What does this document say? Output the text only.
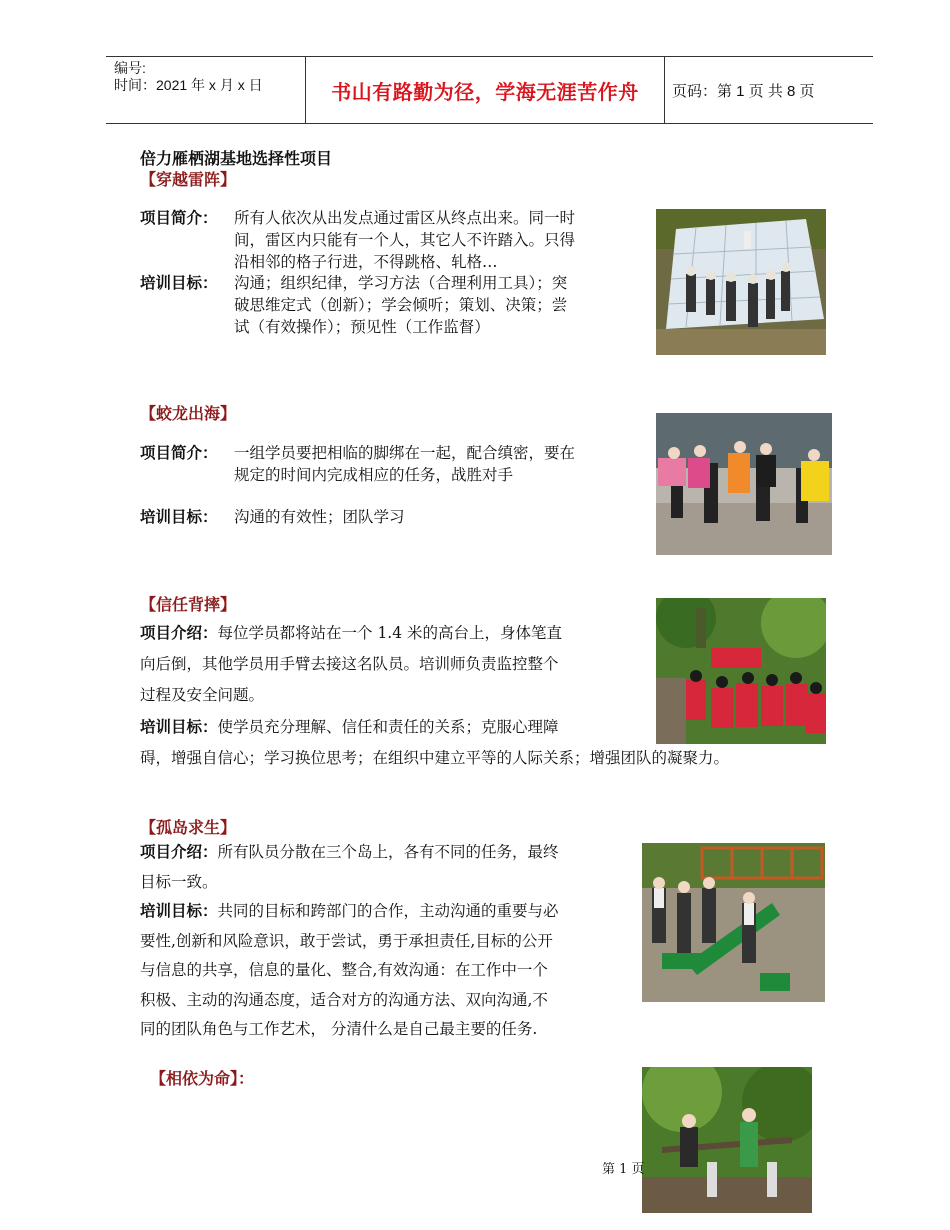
编号:
时间：2021 年 x 月 x 日	书山有路勤为径，学海无涯苦作舟 页码：第 1 页 共 8 页
倍力雁栖湖基地选择性项目
【穿越雷阵】
项目简介：	所有人依次从出发点通过雷区从终点出来。同一时
间，雷区内只能有一个人，其它人不许踏入。只得
沿相邻的格子行进，不得跳格、轧格…
培训目标：	沟通；组织纪律，学习方法（合理利用工具）；突
破思维定式（创新）；学会倾听；策划、决策；尝
试（有效操作）；预见性（工作监督）
【蛟龙出海】
项目简介：	一组学员要把相临的脚绑在一起，配合缜密，要在
规定的时间内完成相应的任务，战胜对手
培训目标：	沟通的有效性；团队学习
【信任背摔】
项目介绍：每位学员都将站在一个 1.4 米的高台上，身体笔直
向后倒，其他学员用手臂去接这名队员。培训师负责监控整个
过程及安全问题。
培训目标：使学员充分理解、信任和责任的关系；克服心理障
碍，增强自信心；学习换位思考；在组织中建立平等的人际关系；增强团队的凝聚力。
【孤岛求生】
项目介绍：所有队员分散在三个岛上，各有不同的任务，最终
目标一致。
培训目标：共同的目标和跨部门的合作，主动沟通的重要与必
要性,创新和风险意识，敢于尝试，勇于承担责任,目标的公开
与信息的共享，信息的量化、整合,有效沟通：在工作中一个
积极、主动的沟通态度，适合对方的沟通方法、双向沟通,不
同的团队角色与工作艺术， 分清什么是自己最主要的任务.
【相依为命】：
第 1 页
